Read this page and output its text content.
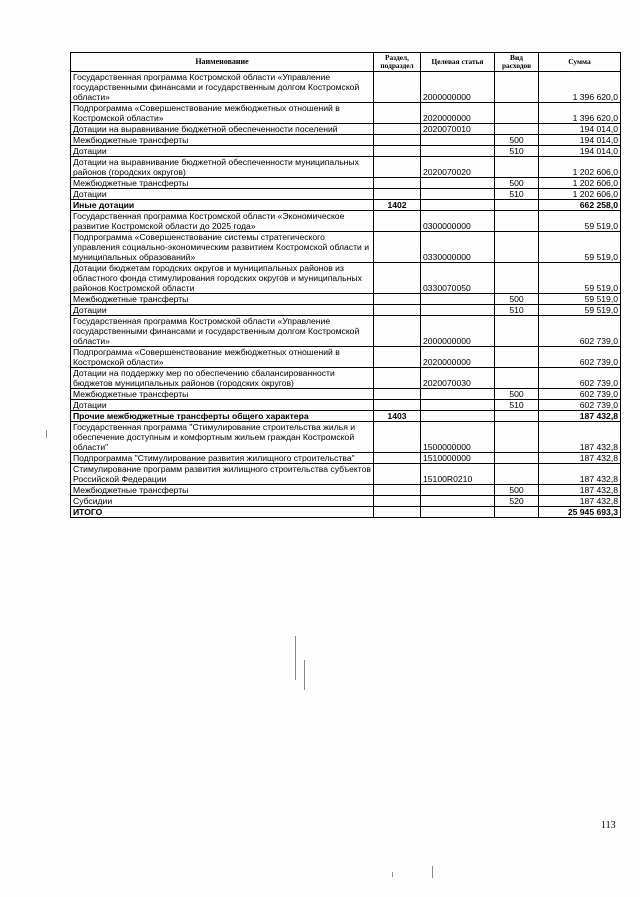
Наименование	Раздел, подраздел	Целевая статья	Вид расходов	Сумма
Государственная программа Костромской области «Управление государственными финансами и государственным долгом Костромской области»		2000000000		1 396 620,0
Подпрограмма «Совершенствование межбюджетных отношений в Костромской области»		2020000000		1 396 620,0
Дотации на выравнивание бюджетной обеспеченности поселений		2020070010		194 014,0
Межбюджетные трансферты			500	194 014,0
Дотации			510	194 014,0
Дотации на выравнивание бюджетной обеспеченности муниципальных районов (городских округов)		2020070020		1 202 606,0
Межбюджетные трансферты			500	1 202 606,0
Дотации			510	1 202 606,0
Иные дотации	1402			662 258,0
Государственная программа Костромской области «Экономическое развитие Костромской области до 2025 года»		0300000000		59 519,0
Подпрограмма «Совершенствование системы стратегического управления социально-экономическим развитием Костромской области и муниципальных образований»		0330000000		59 519,0
Дотации бюджетам городских округов и муниципальных районов из областного фонда стимулирования городских округов и муниципальных районов Костромской области		0330070050		59 519,0
Межбюджетные трансферты			500	59 519,0
Дотации			510	59 519,0
Государственная программа Костромской области «Управление государственными финансами и государственным долгом Костромской области»		2000000000		602 739,0
Подпрограмма «Совершенствование межбюджетных отношений в Костромской области»		2020000000		602 739,0
Дотации на поддержку мер по обеспечению сбалансированности бюджетов муниципальных районов (городских округов)		2020070030		602 739,0
Межбюджетные трансферты			500	602 739,0
Дотации			510	602 739,0
Прочие межбюджетные трансферты общего характера	1403			187 432,8
Государственная программа "Стимулирование строительства жилья и обеспечение доступным и комфортным жильем граждан Костромской области"		1500000000		187 432,8
Подпрограмма "Стимулирование развития жилищного строительства"		1510000000		187 432,8
Стимулирование программ развития жилищного строительства субъектов Российской Федерации		15100R0210		187 432,8
Межбюджетные трансферты			500	187 432,8
Субсидии			520	187 432,8
ИТОГО				25 945 693,3
113
